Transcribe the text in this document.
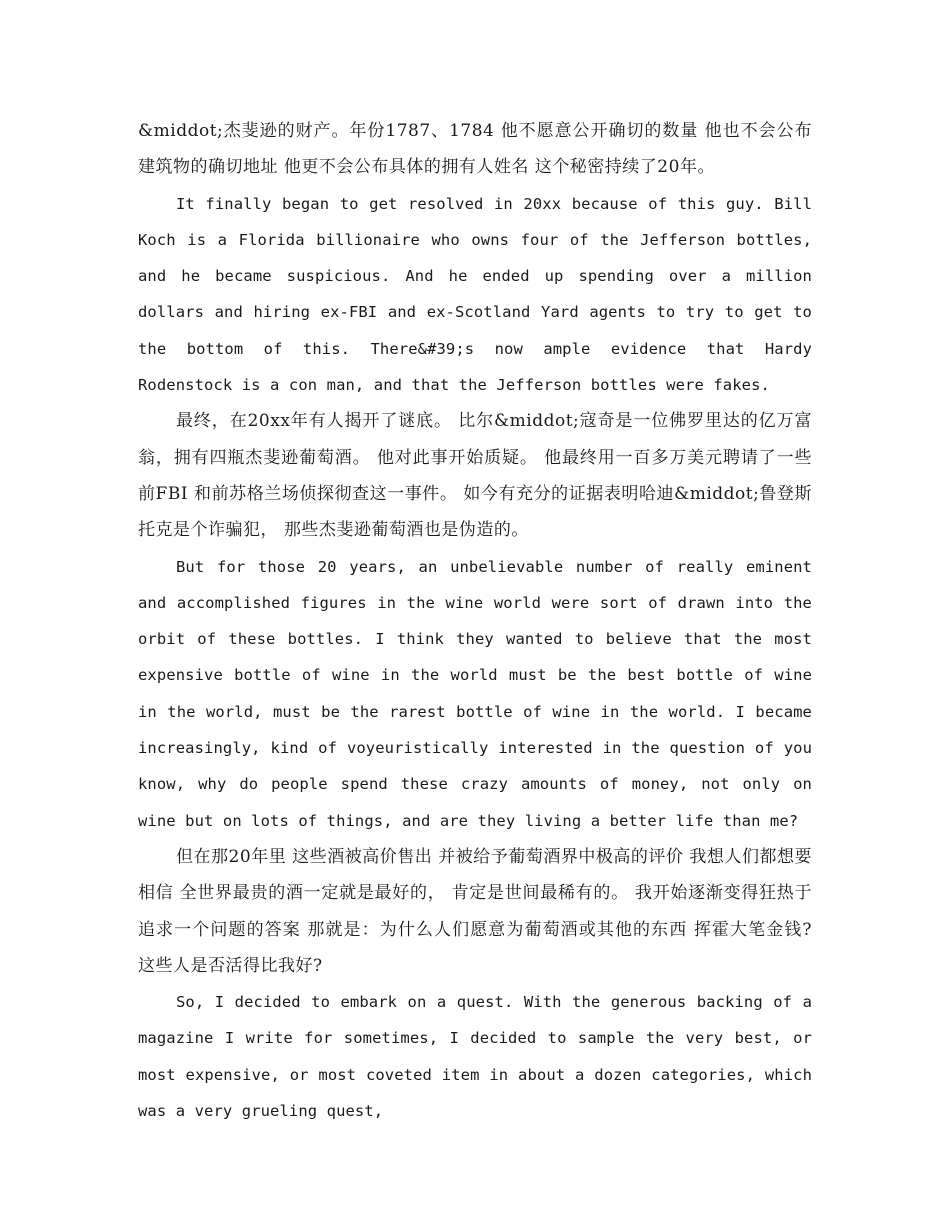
&middot;杰斐逊的财产。年份1787、1784 他不愿意公开确切的数量 他也不会公布建筑物的确切地址 他更不会公布具体的拥有人姓名 这个秘密持续了20年。

It finally began to get resolved in 20xx because of this guy. Bill Koch is a Florida billionaire who owns four of the Jefferson bottles, and he became suspicious. And he ended up spending over a million dollars and hiring ex-FBI and ex-Scotland Yard agents to try to get to the bottom of this. There&#39;s now ample evidence that Hardy Rodenstock is a con man, and that the Jefferson bottles were fakes.

最终，在20xx年有人揭开了谜底。 比尔&middot;寇奇是一位佛罗里达的亿万富翁，拥有四瓶杰斐逊葡萄酒。 他对此事开始质疑。 他最终用一百多万美元聘请了一些前FBI 和前苏格兰场侦探彻查这一事件。 如今有充分的证据表明哈迪&middot;鲁登斯托克是个诈骗犯， 那些杰斐逊葡萄酒也是伪造的。

But for those 20 years, an unbelievable number of really eminent and accomplished figures in the wine world were sort of drawn into the orbit of these bottles. I think they wanted to believe that the most expensive bottle of wine in the world must be the best bottle of wine in the world, must be the rarest bottle of wine in the world. I became increasingly, kind of voyeuristically interested in the question of you know, why do people spend these crazy amounts of money, not only on wine but on lots of things, and are they living a better life than me?

但在那20年里 这些酒被高价售出 并被给予葡萄酒界中极高的评价 我想人们都想要相信 全世界最贵的酒一定就是最好的， 肯定是世间最稀有的。 我开始逐渐变得狂热于追求一个问题的答案 那就是：为什么人们愿意为葡萄酒或其他的东西 挥霍大笔金钱? 这些人是否活得比我好?

So, I decided to embark on a quest. With the generous backing of a magazine I write for sometimes, I decided to sample the very best, or most expensive, or most coveted item in about a dozen categories, which was a very grueling quest,
